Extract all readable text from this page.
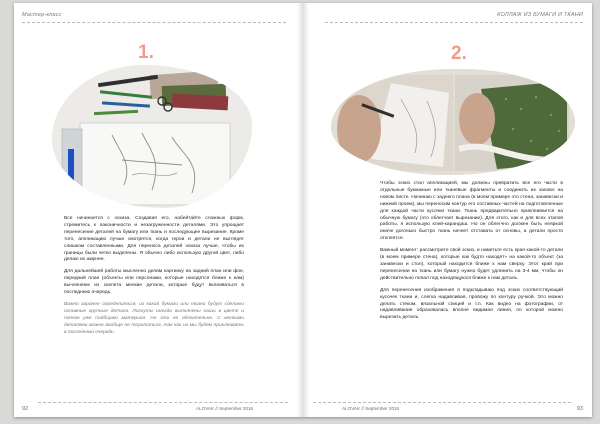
Мастер-класс
1.

Все начинается с эскиза. Создавая его, набейтайте сложных форм, стремитесь к лаконичности и незагруженности деталями. Это упрощает перенесение деталей на бумагу или ткань и последующее вырезание. Кроме того, аппликацию лучше смотрятся, когда герои и детали не выглядят слишком составленными. Для переноса деталей эскиза лучше, чтобы их границы были четко выделены. Я обычно либо использую другой цвет, либо делаю их жирнее.

Для дальнейшей работы мысленно делим картинку на задний план или фон, передний план (объекты или персонажи, которые находятся ближе к нам) вычленяем из скелета мелкие детали, которые будут вклеиваться в последнюю очередь.

Важно заранее определиться, из какой бумаги или ткани будут сделаны основные крупные детали. Лоскуты иногда выполнены наши в цвете и потом уже подбираю материал. Но это не обязательно. С мелкими деталями можно вообще не торопиться, так как их мы будем приклеивать в последнюю очередь.

92	ALOVAK // September 2016
КОЛЛАЖ ИЗ БУМАГИ И ТКАНИ
2.

Чтобы эскиз стал аппликацией, мы должны превратить все его части в отдельные бумажные или тканевые фрагменты и соединить их заново на новом листе. Начинаю с заднего плана (в моем примере это стена, занавески и нижний проем), мы переносим контур его составных частей на подготовленные для каждой части кусочки ткани. Ткань предварительно приклеивается на обычную бумагу (это облегчает вырезание). Для этого, как и для всех этапов работы, я использую клей-карандаш. Но он облегчно должен быть неяркой иначе догонько быстро ткань начнет отставать от основы, а детали просто отклеятся.

Важный момент: рассмотрите свой эскиз, и наметьте есть края какой-то детали (в моем примере стена), которые как будто находят» на какой-то объект (за занавески и стол), который находится ближе к нам сверху. Этот край при перенесении на ткань или бумагу нужно будет удлинить на 3-4 мм, чтобы он действительно попал под находящуюся ближе к нам деталь.

Для перенесения изображения я подкладываю под эскиз соответствующий кусочек ткани и, слегка надавливая, провожу по контуру ручкой. Это можно делать стеком, вязальной спицей и т.п. Как видно на фотографии, от надавливания образовалась вполне видимая линия, по которой можно вырезать деталь.

ALOVAK // September 2016	93
